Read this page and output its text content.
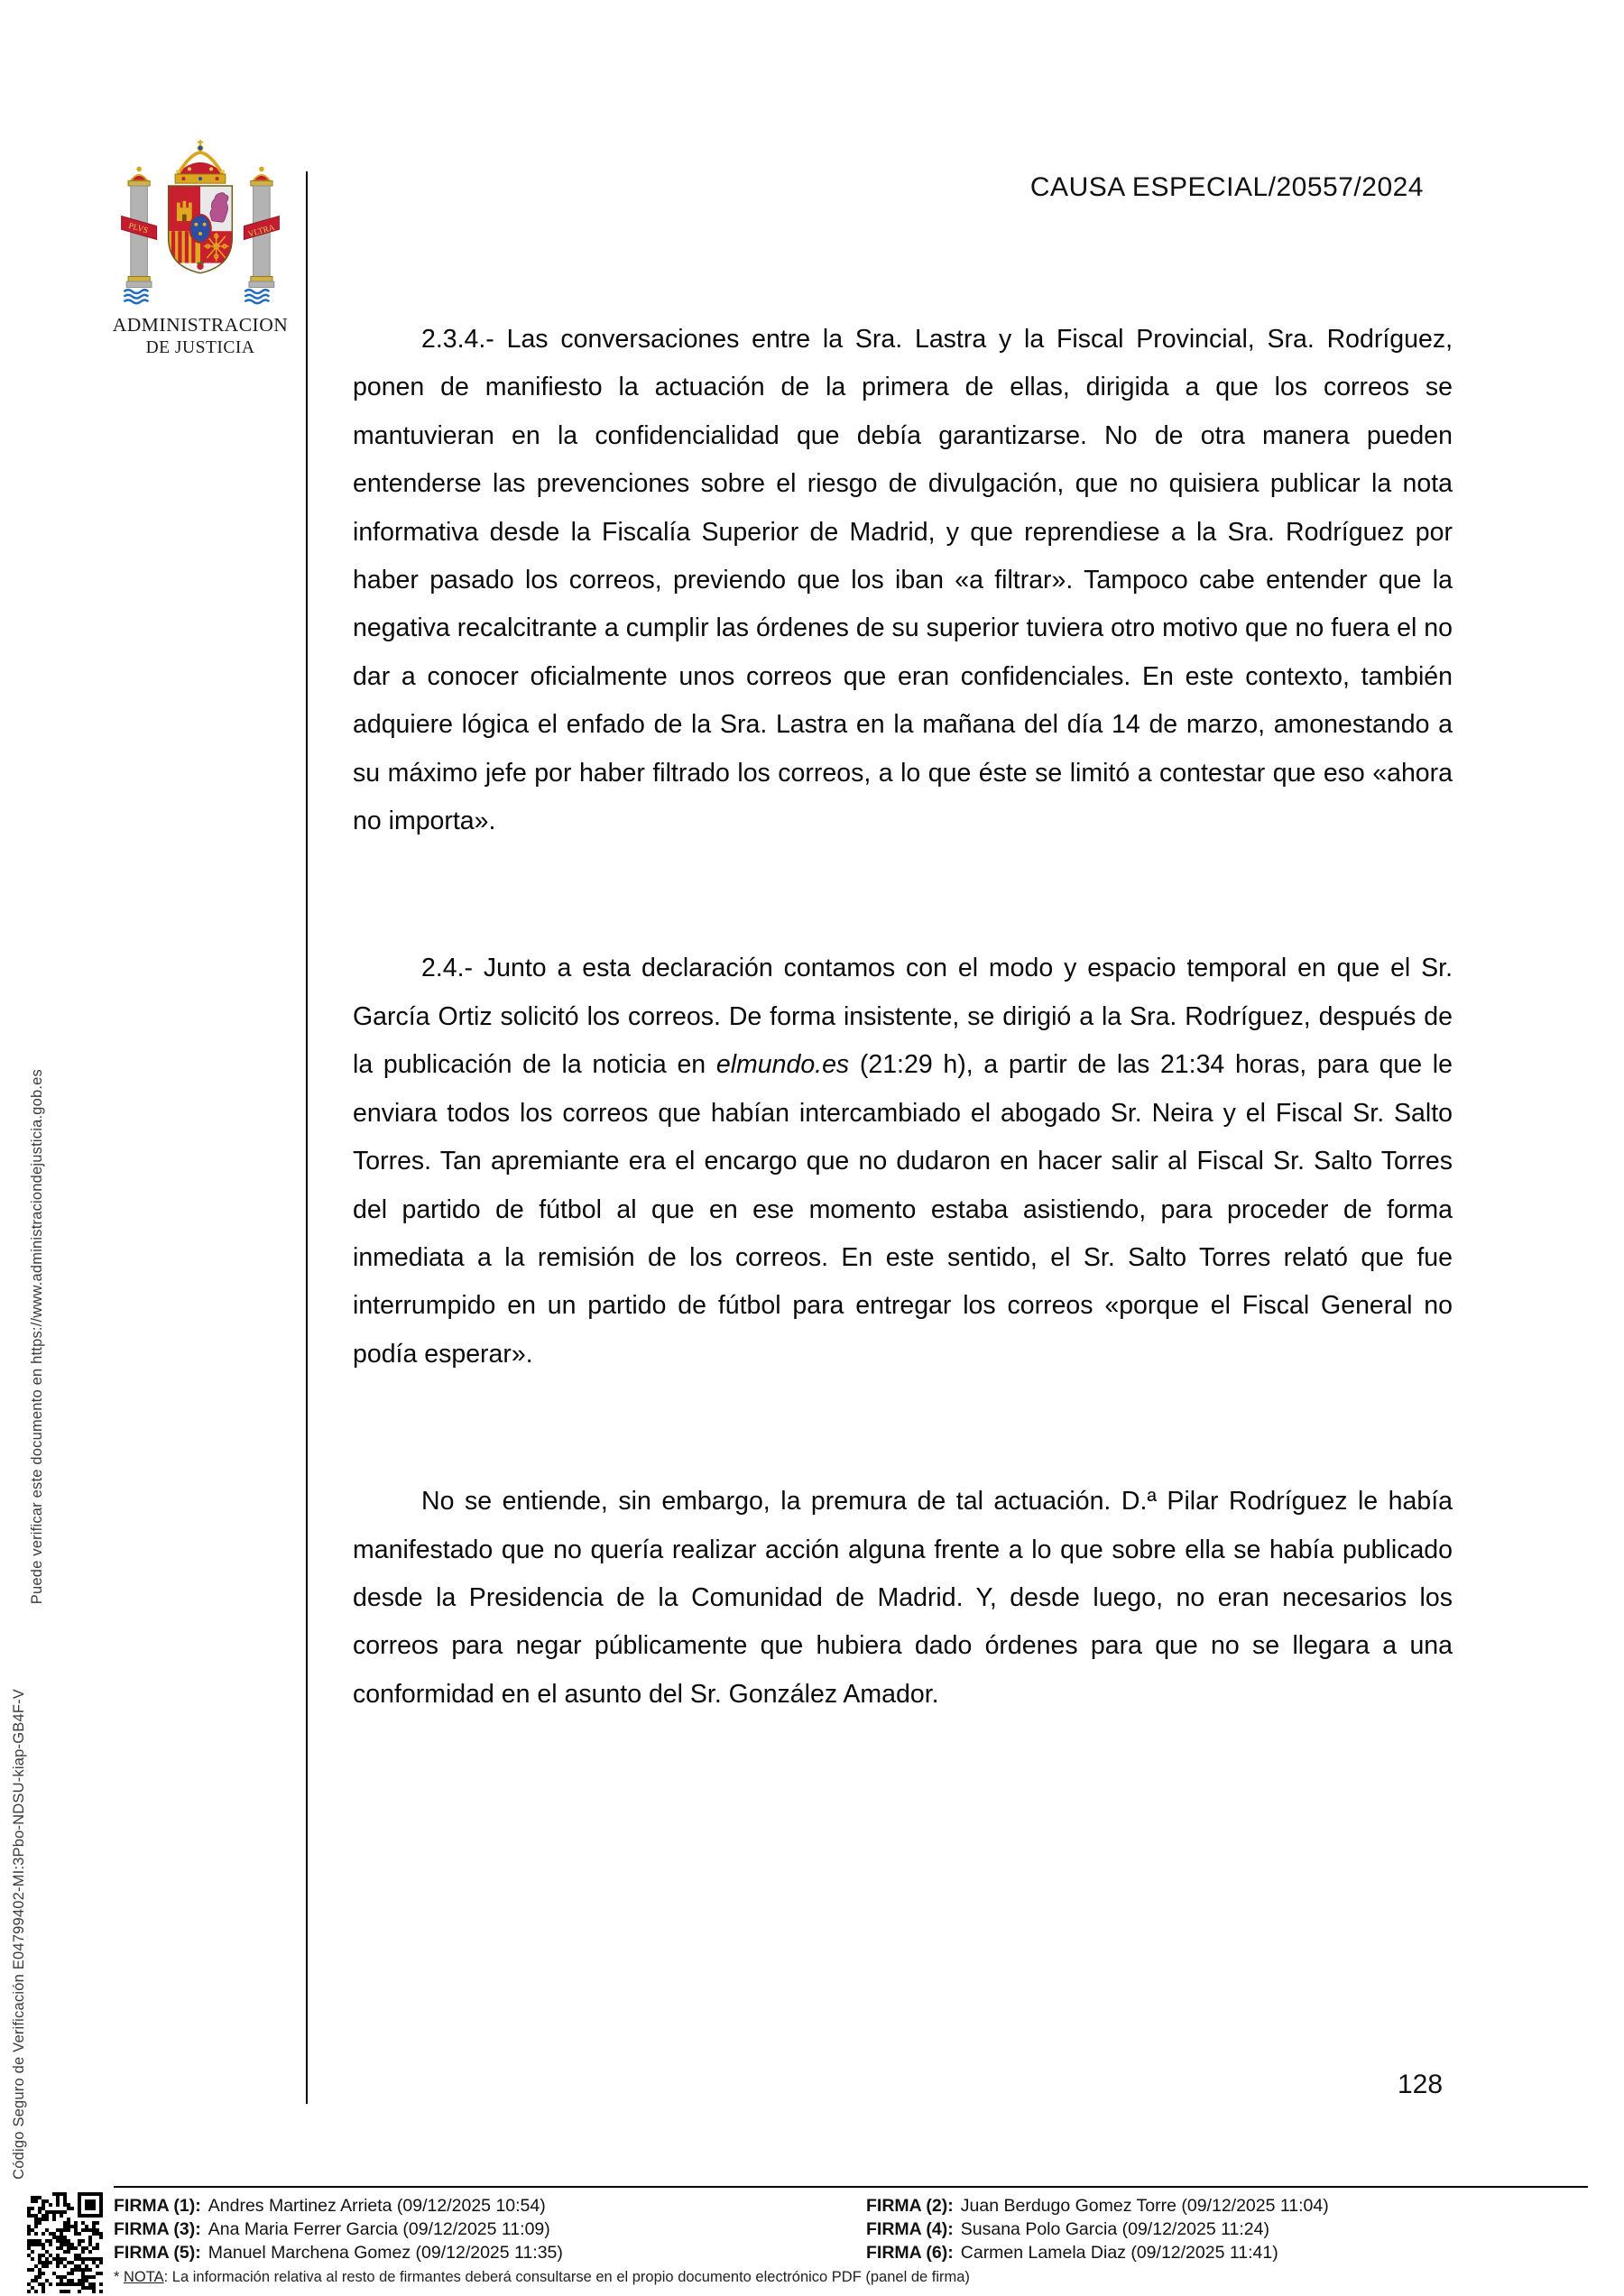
CAUSA ESPECIAL/20557/2024
PLVS	VLTRA
ADMINISTRACION
DE JUSTICIA
Código Seguro de Verificación E04799402-MI:3Pbo-NDSU-kiap-GB4F-V
Puede verificar este documento en https://www.administraciondejusticia.gob.es

2.3.4.- Las conversaciones entre la Sra. Lastra y la Fiscal Provincial, Sra. Rodríguez, ponen de manifiesto la actuación de la primera de ellas, dirigida a que los correos se mantuvieran en la confidencialidad que debía garantizarse. No de otra manera pueden entenderse las prevenciones sobre el riesgo de divulgación, que no quisiera publicar la nota informativa desde la Fiscalía Superior de Madrid, y que reprendiese a la Sra. Rodríguez por haber pasado los correos, previendo que los iban «a filtrar». Tampoco cabe entender que la negativa recalcitrante a cumplir las órdenes de su superior tuviera otro motivo que no fuera el no dar a conocer oficialmente unos correos que eran confidenciales. En este contexto, también adquiere lógica el enfado de la Sra. Lastra en la mañana del día 14 de marzo, amonestando a su máximo jefe por haber filtrado los correos, a lo que éste se limitó a contestar que eso «ahora no importa».

2.4.- Junto a esta declaración contamos con el modo y espacio temporal en que el Sr. García Ortiz solicitó los correos. De forma insistente, se dirigió a la Sra. Rodríguez, después de la publicación de la noticia en elmundo.es (21:29 h), a partir de las 21:34 horas, para que le enviara todos los correos que habían intercambiado el abogado Sr. Neira y el Fiscal Sr. Salto Torres. Tan apremiante era el encargo que no dudaron en hacer salir al Fiscal Sr. Salto Torres del partido de fútbol al que en ese momento estaba asistiendo, para proceder de forma inmediata a la remisión de los correos. En este sentido, el Sr. Salto Torres relató que fue interrumpido en un partido de fútbol para entregar los correos «porque el Fiscal General no podía esperar».

No se entiende, sin embargo, la premura de tal actuación. D.ª Pilar Rodríguez le había manifestado que no quería realizar acción alguna frente a lo que sobre ella se había publicado desde la Presidencia de la Comunidad de Madrid. Y, desde luego, no eran necesarios los correos para negar públicamente que hubiera dado órdenes para que no se llegara a una conformidad en el asunto del Sr. González Amador.

128
FIRMA (1): Andres Martinez Arrieta (09/12/2025 10:54)	FIRMA (2): Juan Berdugo Gomez Torre (09/12/2025 11:04)
FIRMA (3): Ana Maria Ferrer Garcia (09/12/2025 11:09)	FIRMA (4): Susana Polo Garcia (09/12/2025 11:24)
FIRMA (5): Manuel Marchena Gomez (09/12/2025 11:35)	FIRMA (6): Carmen Lamela Diaz (09/12/2025 11:41)
* NOTA: La información relativa al resto de firmantes deberá consultarse en el propio documento electrónico PDF (panel de firma)
